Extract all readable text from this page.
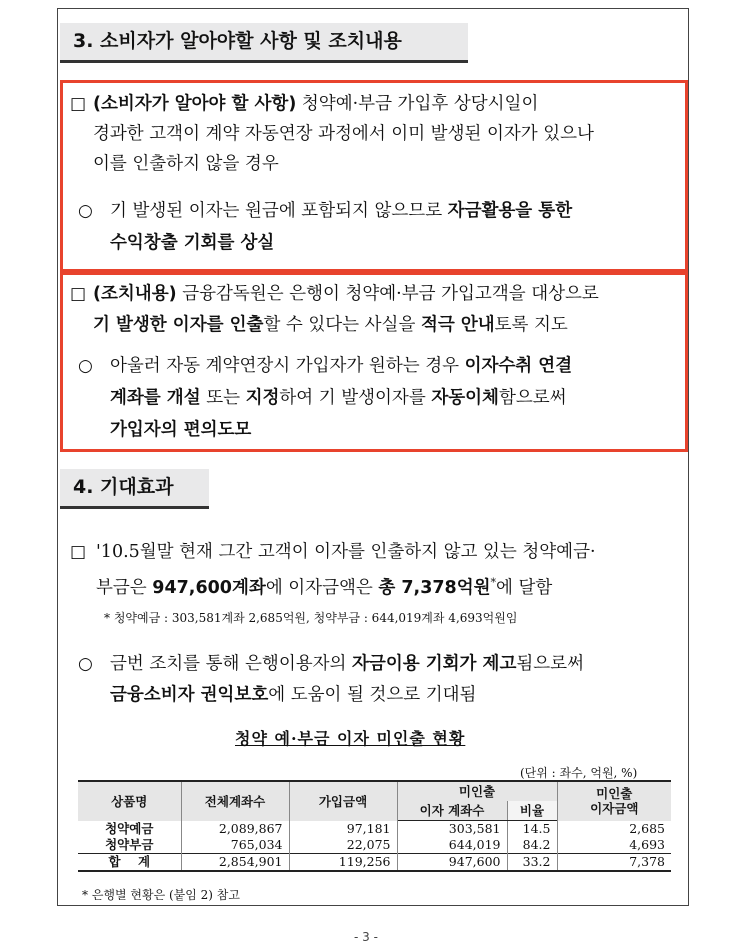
3. 소비자가 알아야할 사항 및 조치내용
□ (소비자가 알아야 할 사항) 청약예·부금 가입후 상당시일이
경과한 고객이 계약 자동연장 과정에서 이미 발생된 이자가 있으나
이를 인출하지 않을 경우
○ 기 발생된 이자는 원금에 포함되지 않으므로 자금활용을 통한
수익창출 기회를 상실
□ (조치내용) 금융감독원은 은행이 청약예·부금 가입고객을 대상으로
기 발생한 이자를 인출할 수 있다는 사실을 적극 안내토록 지도
○ 아울러 자동 계약연장시 가입자가 원하는 경우 이자수취 연결
계좌를 개설 또는 지정하여 기 발생이자를 자동이체함으로써
가입자의 편의도모
4. 기대효과
□ '10.5월말 현재 그간 고객이 이자를 인출하지 않고 있는 청약예금·
부금은 947,600계좌에 이자금액은 총 7,378억원*에 달함
* 청약예금 : 303,581계좌 2,685억원, 청약부금 : 644,019계좌 4,693억원임
○ 금번 조치를 통해 은행이용자의 자금이용 기회가 제고됨으로써
금융소비자 권익보호에 도움이 될 것으로 기대됨
청약 예·부금 이자 미인출 현황
(단위 : 좌수, 억원, %)
상품명	전체계좌수	가입금액	미인출		미인출
이자금액
			이자 계좌수	비율	
청약예금	2,089,867	97,181	303,581	14.5	2,685
청약부금	765,034	22,075	644,019	84.2	4,693
합    계	2,854,901	119,256	947,600	33.2	7,378
* 은행별 현황은 (붙임 2) 참고
- 3 -
